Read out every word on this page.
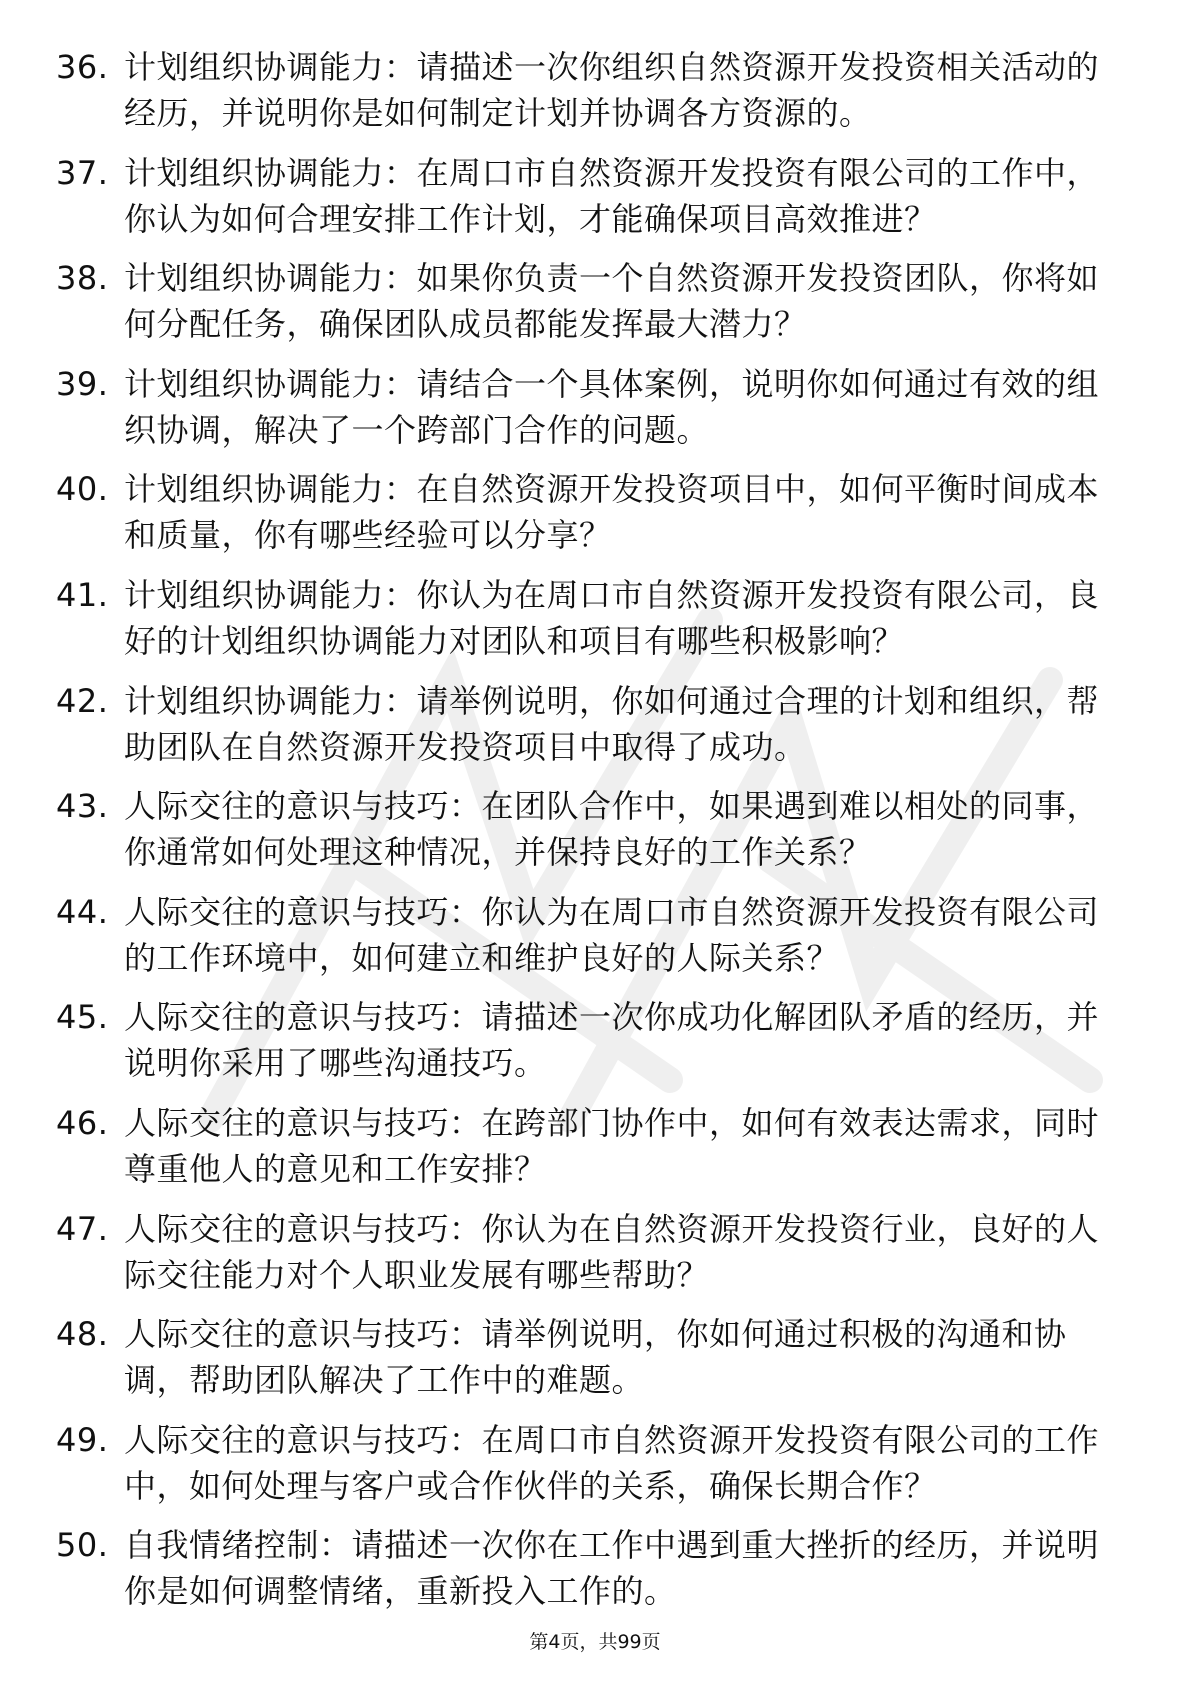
36. 计划组织协调能力：请描述一次你组织自然资源开发投资相关活动的经历，并说明你是如何制定计划并协调各方资源的。
37. 计划组织协调能力：在周口市自然资源开发投资有限公司的工作中，你认为如何合理安排工作计划，才能确保项目高效推进？
38. 计划组织协调能力：如果你负责一个自然资源开发投资团队，你将如何分配任务，确保团队成员都能发挥最大潜力？
39. 计划组织协调能力：请结合一个具体案例，说明你如何通过有效的组织协调，解决了一个跨部门合作的问题。
40. 计划组织协调能力：在自然资源开发投资项目中，如何平衡时间成本和质量，你有哪些经验可以分享？
41. 计划组织协调能力：你认为在周口市自然资源开发投资有限公司，良好的计划组织协调能力对团队和项目有哪些积极影响？
42. 计划组织协调能力：请举例说明，你如何通过合理的计划和组织，帮助团队在自然资源开发投资项目中取得了成功。
43. 人际交往的意识与技巧：在团队合作中，如果遇到难以相处的同事，你通常如何处理这种情况，并保持良好的工作关系？
44. 人际交往的意识与技巧：你认为在周口市自然资源开发投资有限公司的工作环境中，如何建立和维护良好的人际关系？
45. 人际交往的意识与技巧：请描述一次你成功化解团队矛盾的经历，并说明你采用了哪些沟通技巧。
46. 人际交往的意识与技巧：在跨部门协作中，如何有效表达需求，同时尊重他人的意见和工作安排？
47. 人际交往的意识与技巧：你认为在自然资源开发投资行业，良好的人际交往能力对个人职业发展有哪些帮助？
48. 人际交往的意识与技巧：请举例说明，你如何通过积极的沟通和协调，帮助团队解决了工作中的难题。
49. 人际交往的意识与技巧：在周口市自然资源开发投资有限公司的工作中，如何处理与客户或合作伙伴的关系，确保长期合作？
50. 自我情绪控制：请描述一次你在工作中遇到重大挫折的经历，并说明你是如何调整情绪，重新投入工作的。
第4页，共99页
